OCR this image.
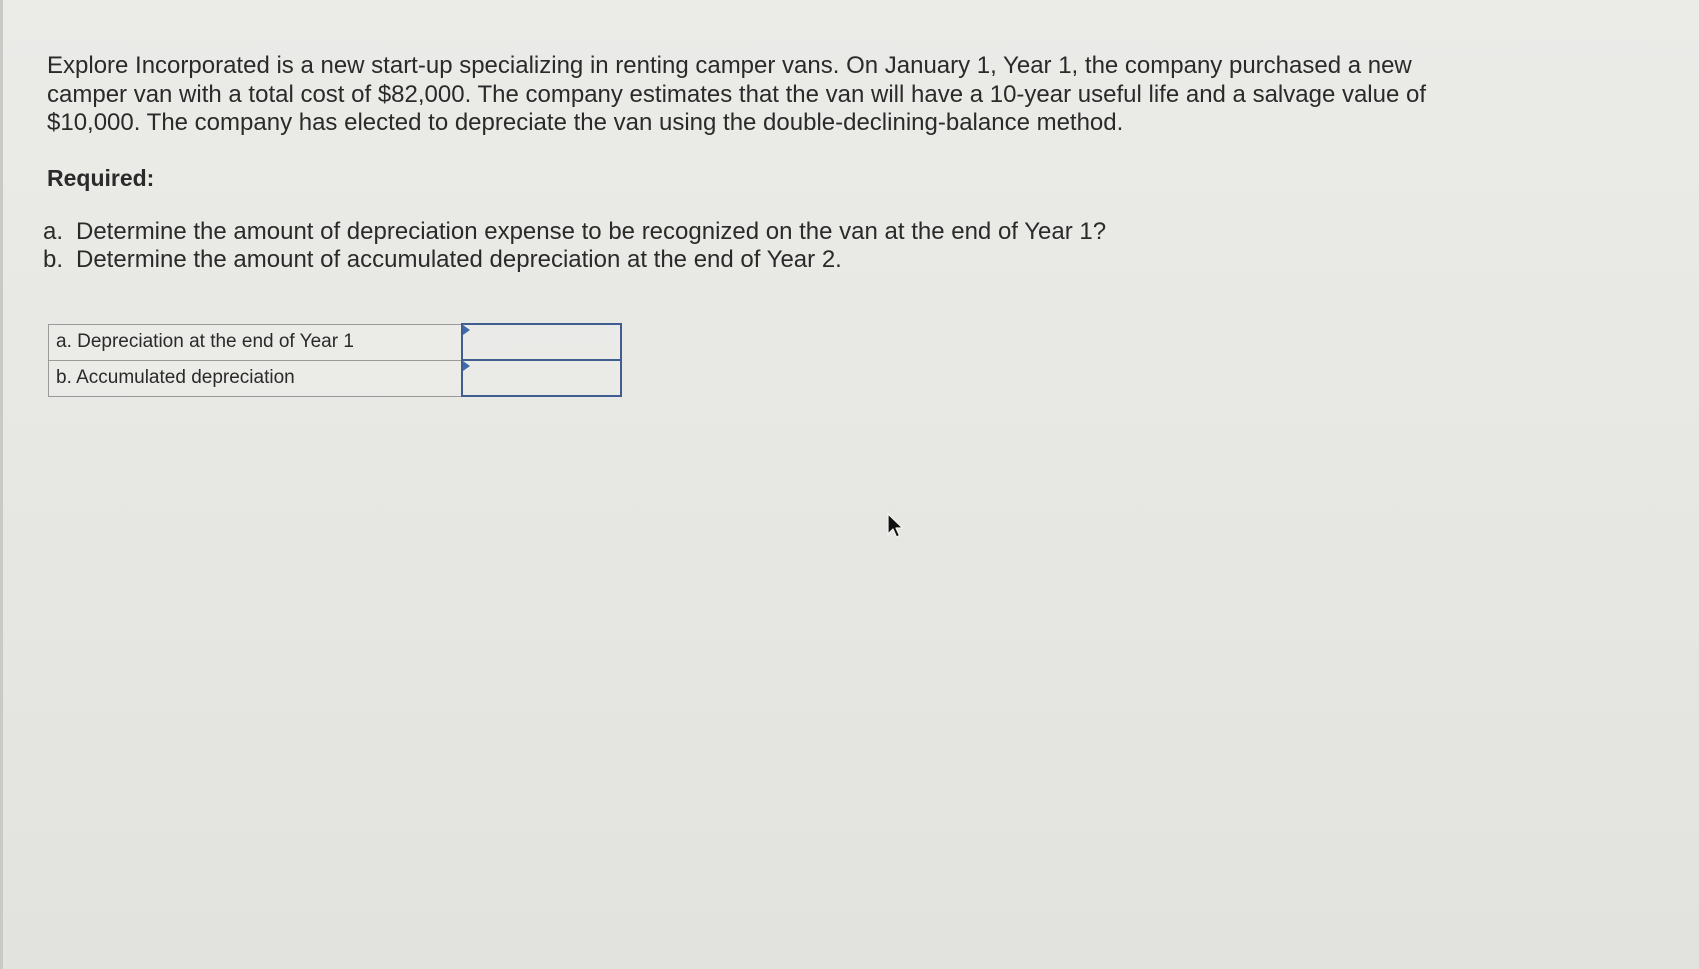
Explore Incorporated is a new start-up specializing in renting camper vans. On January 1, Year 1, the company purchased a new
camper van with a total cost of $82,000. The company estimates that the van will have a 10-year useful life and a salvage value of
$10,000. The company has elected to depreciate the van using the double-declining-balance method.

Required:
a. Determine the amount of depreciation expense to be recognized on the van at the end of Year 1?
b. Determine the amount of accumulated depreciation at the end of Year 2.
a. Depreciation at the end of Year 1	

b. Accumulated depreciation	
